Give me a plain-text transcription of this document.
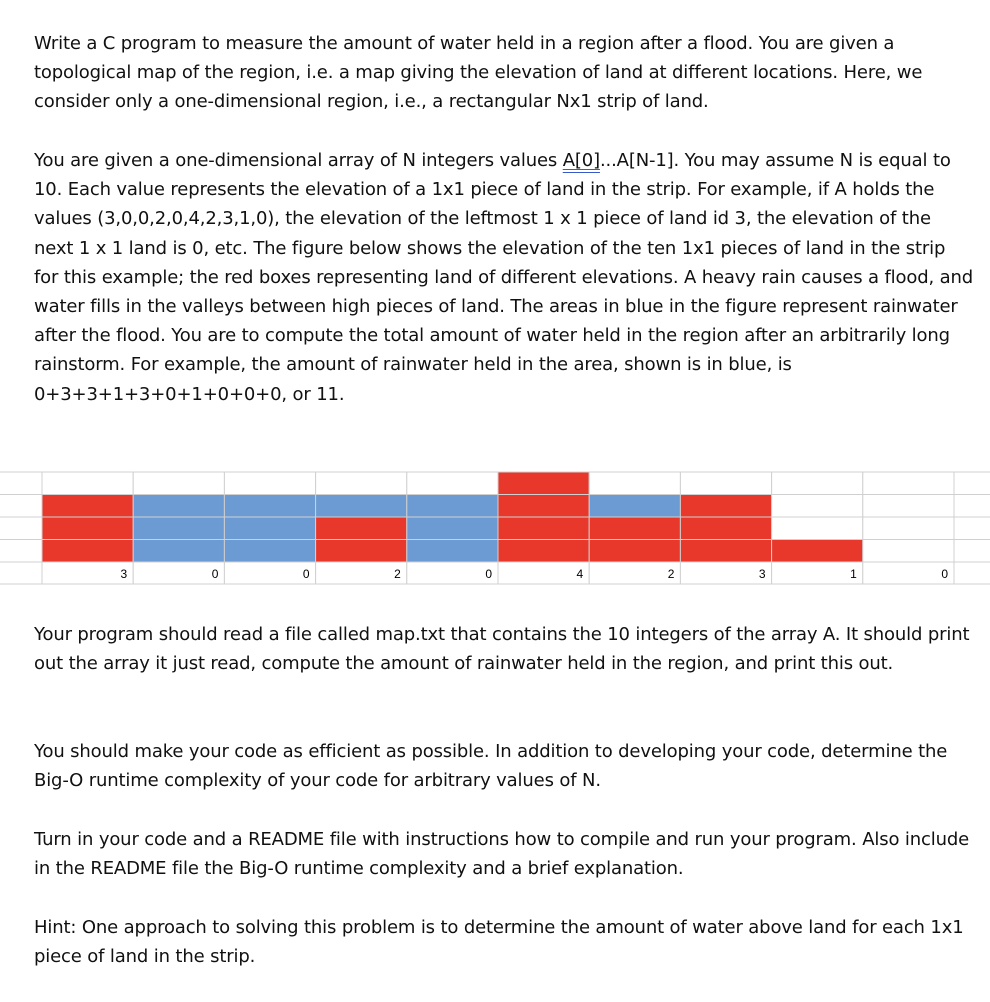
Write a C program to measure the amount of water held in a region after a flood. You are given a topological map of the region, i.e. a map giving the elevation of land at different locations. Here, we consider only a one-dimensional region, i.e., a rectangular Nx1 strip of land.

You are given a one-dimensional array of N integers values A[0]...A[N-1]. You may assume N is equal to 10. Each value represents the elevation of a 1x1 piece of land in the strip. For example, if A holds the values (3,0,0,2,0,4,2,3,1,0), the elevation of the leftmost 1 x 1 piece of land id 3, the elevation of the next 1 x 1 land is 0, etc. The figure below shows the elevation of the ten 1x1 pieces of land in the strip for this example; the red boxes representing land of different elevations. A heavy rain causes a flood, and water fills in the valleys between high pieces of land. The areas in blue in the figure represent rainwater after the flood. You are to compute the total amount of water held in the region after an arbitrarily long rainstorm. For example, the amount of rainwater held in the area, shown is in blue, is 0+3+3+1+3+0+1+0+0+0, or 11.

3	0	0	2	0	4	2	3	1	0

Your program should read a file called map.txt that contains the 10 integers of the array A. It should print out the array it just read, compute the amount of rainwater held in the region, and print this out.

You should make your code as efficient as possible. In addition to developing your code, determine the Big-O runtime complexity of your code for arbitrary values of N.

Turn in your code and a README file with instructions how to compile and run your program. Also include in the README file the Big-O runtime complexity and a brief explanation.

Hint: One approach to solving this problem is to determine the amount of water above land for each 1x1 piece of land in the strip.
